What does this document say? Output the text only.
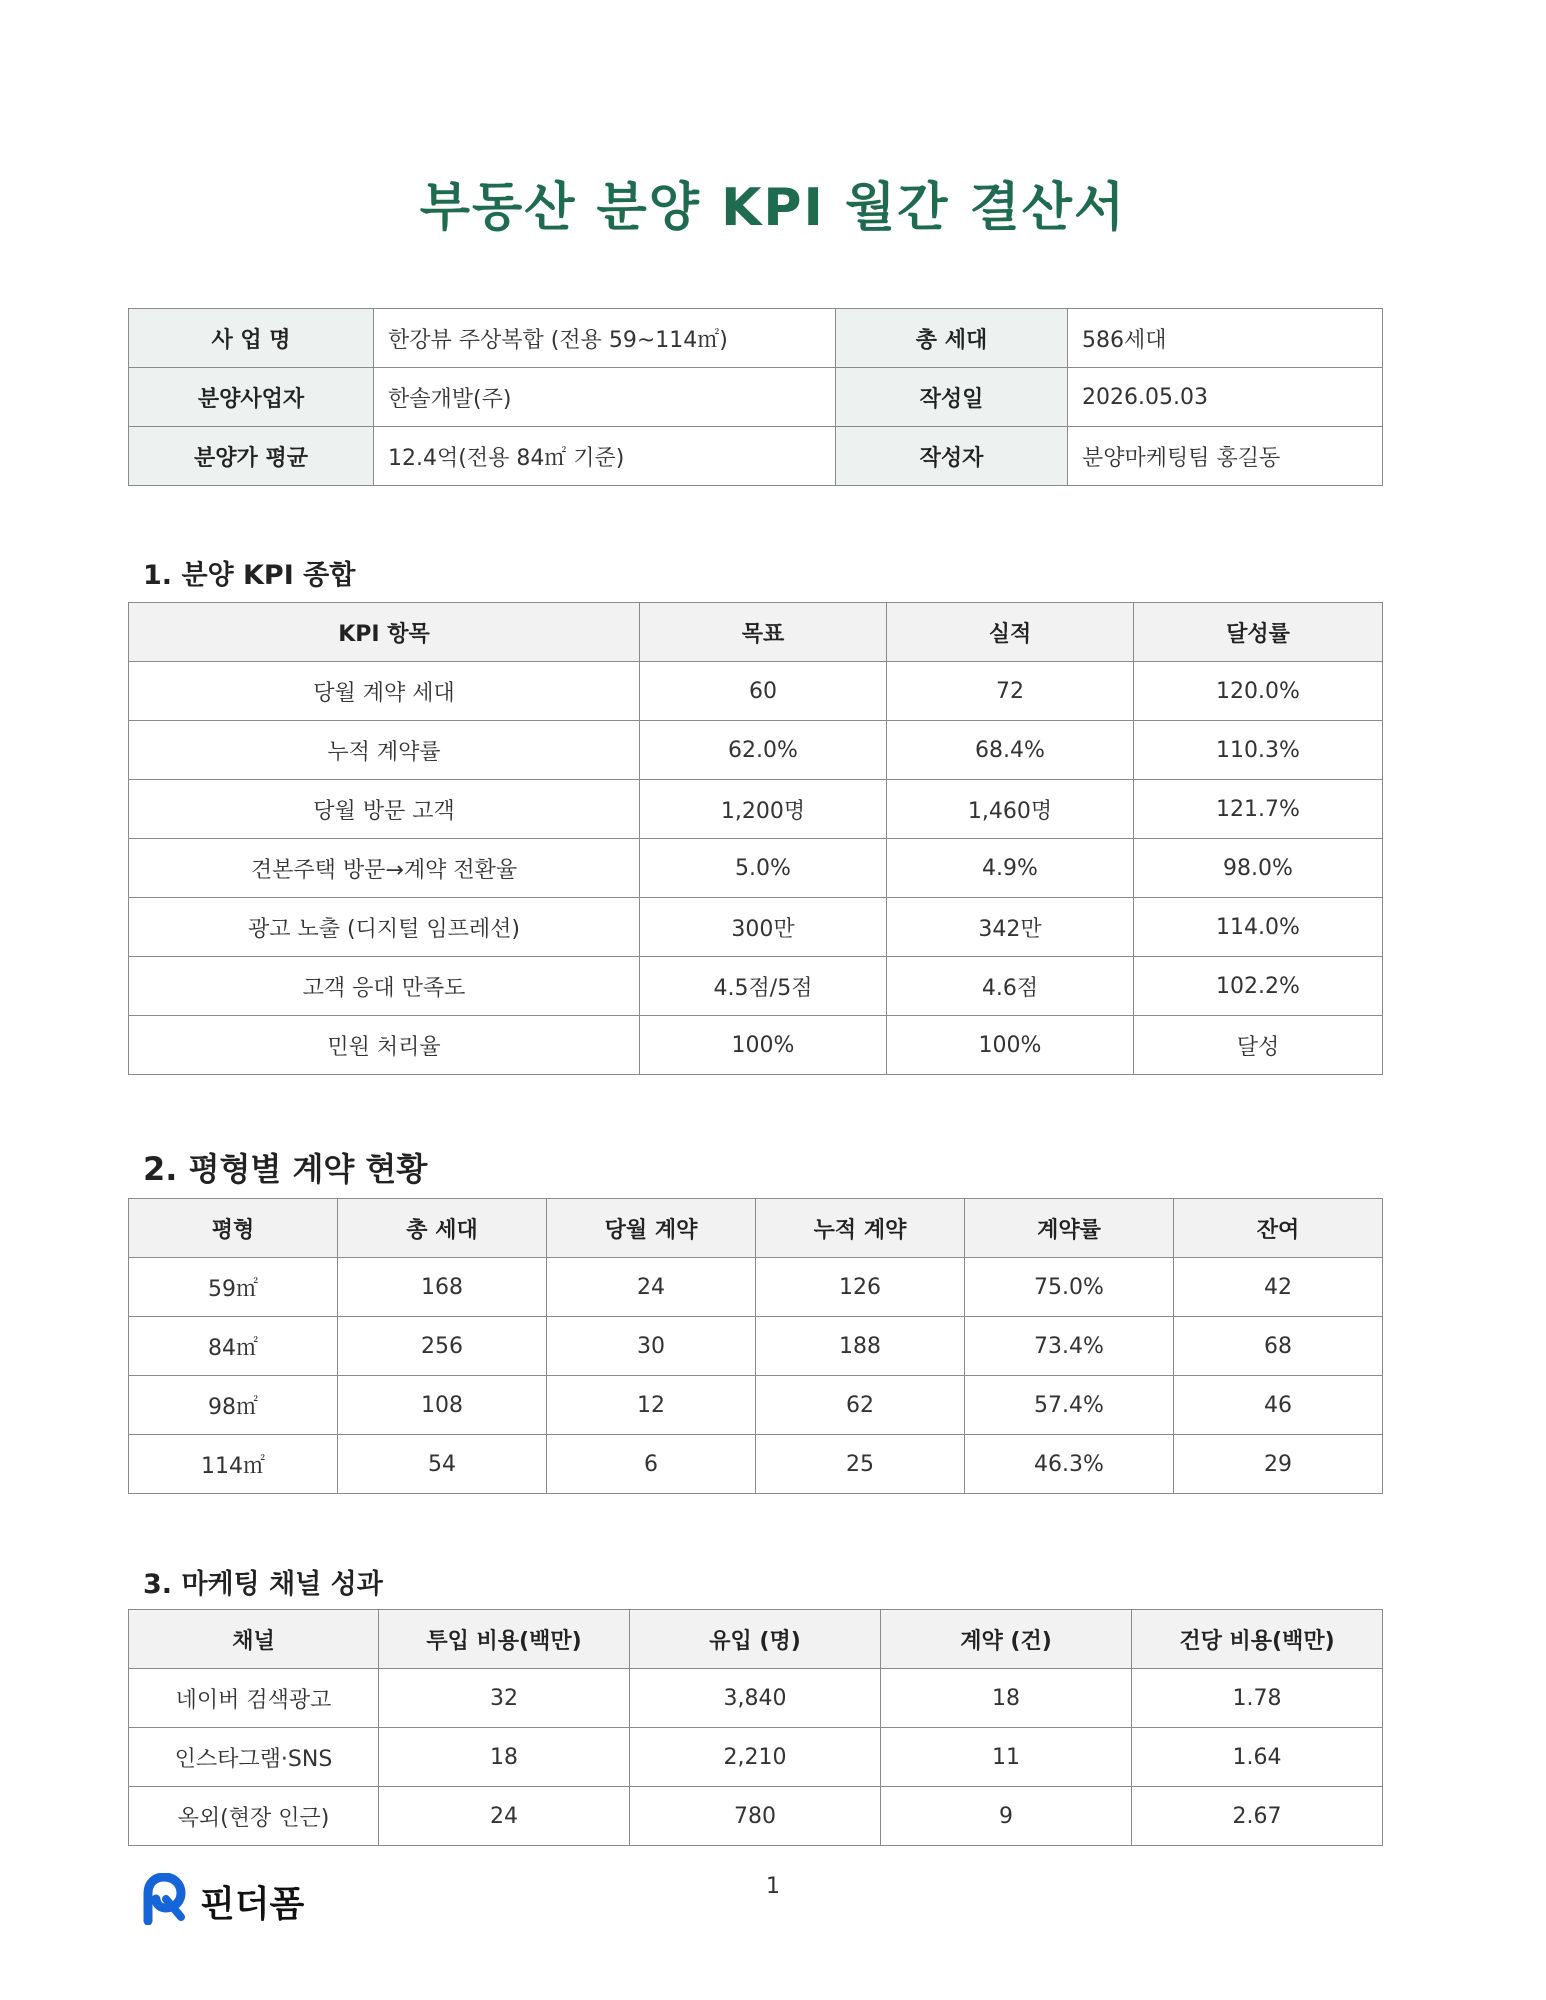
부동산 분양 KPI 월간 결산서
사 업 명	한강뷰 주상복합 (전용 59~114㎡)	총 세대	586세대
분양사업자	한솔개발(주)	작성일	2026.05.03
분양가 평균	12.4억(전용 84㎡ 기준)	작성자	분양마케팅팀 홍길동
1. 분양 KPI 종합
KPI 항목	목표	실적	달성률
당월 계약 세대	60	72	120.0%
누적 계약률	62.0%	68.4%	110.3%
당월 방문 고객	1,200명	1,460명	121.7%
견본주택 방문→계약 전환율	5.0%	4.9%	98.0%
광고 노출 (디지털 임프레션)	300만	342만	114.0%
고객 응대 만족도	4.5점/5점	4.6점	102.2%
민원 처리율	100%	100%	달성
2. 평형별 계약 현황
평형	총 세대	당월 계약	누적 계약	계약률	잔여
59㎡	168	24	126	75.0%	42
84㎡	256	30	188	73.4%	68
98㎡	108	12	62	57.4%	46
114㎡	54	6	25	46.3%	29
3. 마케팅 채널 성과
채널	투입 비용(백만)	유입 (명)	계약 (건)	건당 비용(백만)
네이버 검색광고	32	3,840	18	1.78
인스타그램·SNS	18	2,210	11	1.64
옥외(현장 인근)	24	780	9	2.67
핀더폼	1
